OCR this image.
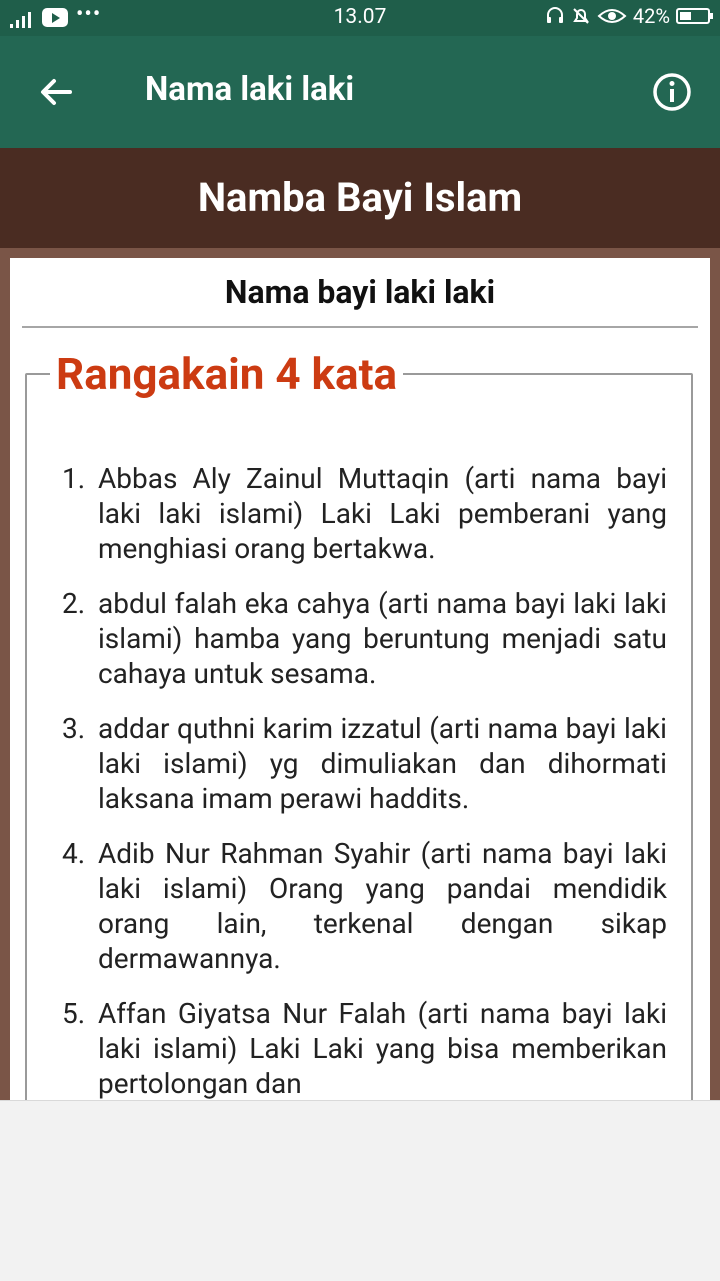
•••	13.07	42%
Nama laki laki
Namba Bayi Islam
Nama bayi laki laki
Rangakain 4 kata
1. Abbas Aly Zainul Muttaqin (arti nama bayi laki laki islami) Laki Laki pemberani yang menghiasi orang bertakwa.
2. abdul falah eka cahya (arti nama bayi laki laki islami) hamba yang beruntung menjadi satu cahaya untuk sesama.
3. addar quthni karim izzatul (arti nama bayi laki laki islami) yg dimuliakan dan dihormati laksana imam perawi haddits.
4. Adib Nur Rahman Syahir (arti nama bayi laki laki islami) Orang yang pandai mendidik orang lain, terkenal dengan sikap dermawannya.
5. Affan Giyatsa Nur Falah (arti nama bayi laki laki islami) Laki Laki yang bisa memberikan pertolongan dan
